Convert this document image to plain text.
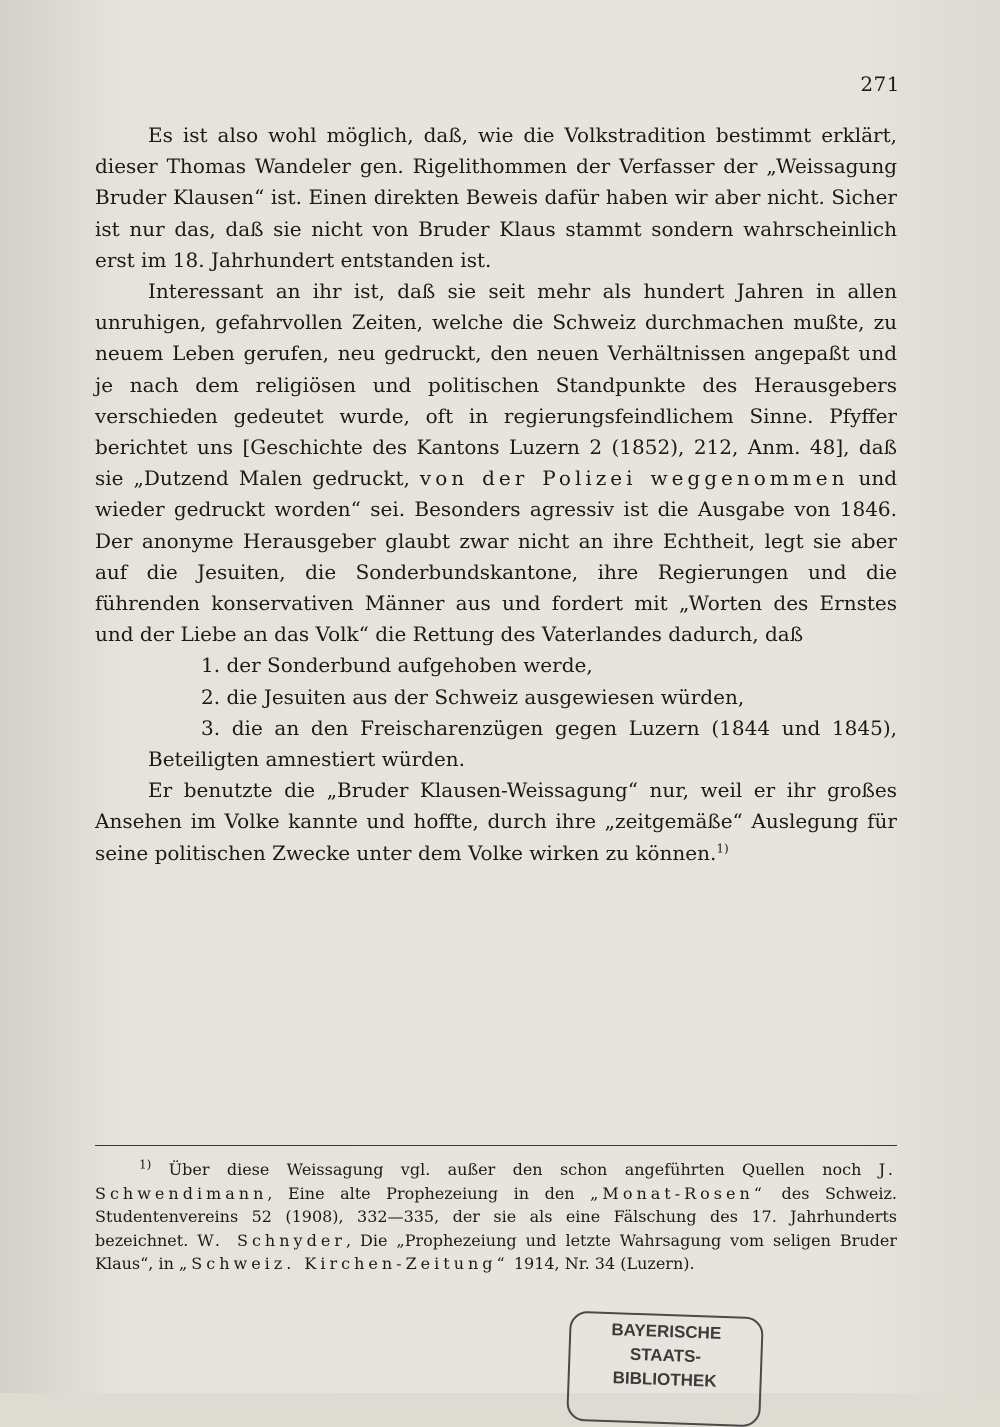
271

Es ist also wohl möglich, daß, wie die Volkstradition bestimmt erklärt, dieser Thomas Wandeler gen. Rigelithommen der Verfasser der „Weissagung Bruder Klausen“ ist. Einen direkten Beweis dafür haben wir aber nicht. Sicher ist nur das, daß sie nicht von Bruder Klaus stammt sondern wahrscheinlich erst im 18. Jahrhundert entstanden ist.

Interessant an ihr ist, daß sie seit mehr als hundert Jahren in allen unruhigen, gefahrvollen Zeiten, welche die Schweiz durchmachen mußte, zu neuem Leben gerufen, neu gedruckt, den neuen Verhältnissen angepaßt und je nach dem religiösen und politischen Standpunkte des Herausgebers verschieden gedeutet wurde, oft in regierungsfeindlichem Sinne. Pfyffer berichtet uns [Geschichte des Kantons Luzern 2 (1852), 212, Anm. 48], daß sie „Dutzend Malen gedruckt, von der Polizei weggenommen und wieder gedruckt worden“ sei. Besonders agressiv ist die Ausgabe von 1846. Der anonyme Herausgeber glaubt zwar nicht an ihre Echtheit, legt sie aber auf die Jesuiten, die Sonderbundskantone, ihre Regierungen und die führenden konservativen Männer aus und fordert mit „Worten des Ernstes und der Liebe an das Volk“ die Rettung des Vaterlandes dadurch, daß

1. der Sonderbund aufgehoben werde,

2. die Jesuiten aus der Schweiz ausgewiesen würden,

3. die an den Freischarenzügen gegen Luzern (1844 und 1845), Beteiligten amnestiert würden.

Er benutzte die „Bruder Klausen-Weissagung“ nur, weil er ihr großes Ansehen im Volke kannte und hoffte, durch ihre „zeitgemäße“ Auslegung für seine politischen Zwecke unter dem Volke wirken zu können.$^{1)}$

$^{1)}$ Über diese Weissagung vgl. außer den schon angeführten Quellen noch J. Schwendimann, Eine alte Prophezeiung in den „Monat-Rosen“ des Schweiz. Studentenvereins 52 (1908), 332—335, der sie als eine Fälschung des 17. Jahrhunderts bezeichnet. W. Schnyder, Die „Prophezeiung und letzte Wahrsagung vom seligen Bruder Klaus“, in „Schweiz. Kirchen-Zeitung“ 1914, Nr. 34 (Luzern).

BAYERISCHE
STAATS-
BIBLIOTHEK
